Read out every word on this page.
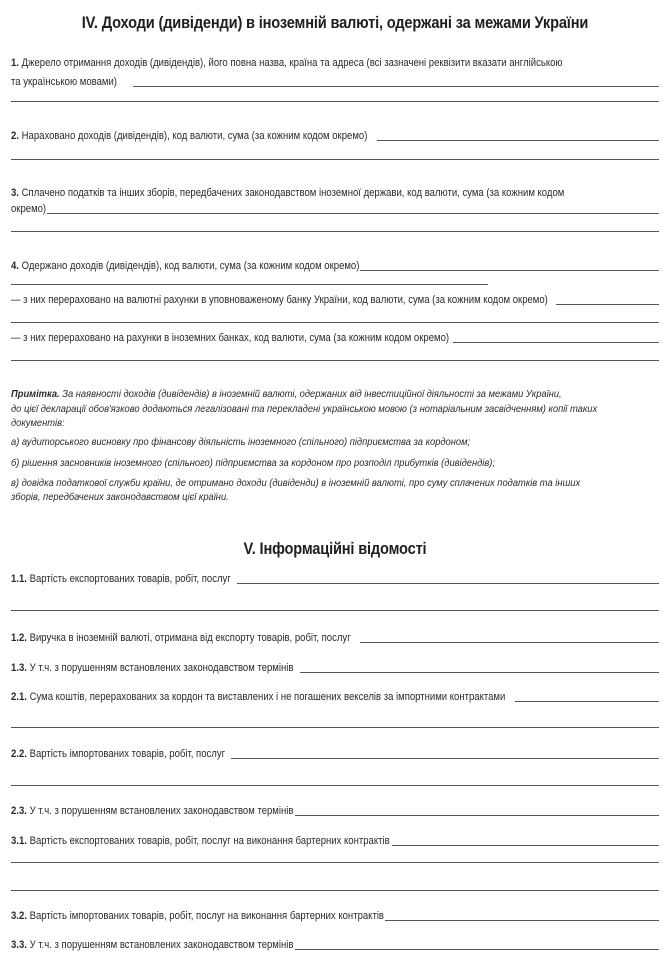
IV. Доходи (дивіденди) в іноземній валюті, одержані за межами України
1. Джерело отримання доходів (дивідендів), його повна назва, країна та адреса (всі зазначені реквізити вказати англійською
та українською мовами)
2. Нараховано доходів (дивідендів), код валюти, сума (за кожним кодом окремо)
3. Сплачено податків та інших зборів, передбачених законодавством іноземної держави, код валюти, сума (за кожним кодом
окремо)
4. Одержано доходів (дивідендів), код валюти, сума (за кожним кодом окремо)
— з них перераховано на валютні рахунки в уповноваженому банку України, код валюти, сума (за кожним кодом окремо)
— з них перераховано на рахунки в іноземних банках, код валюти, сума (за кожним кодом окремо)
Примітка. За наявності доходів (дивідендів) в іноземній валюті, одержаних від інвестиційної діяльності за межами України,
до цієї декларації обов'язково додаються легалізовані та перекладені українською мовою (з нотаріальним засвідченням) копії таких
документів:
а) аудиторського висновку про фінансову діяльність іноземного (спільного) підприємства за кордоном;
б) рішення засновників іноземного (спільного) підприємства за кордоном про розподіл прибутків (дивідендів);
в) довідка податкової служби країни, де отримано доходи (дивіденди) в іноземній валюті, про суму сплачених податків та інших
зборів, передбачених законодавством цієї країни.
V. Інформаційні відомості
1.1. Вартість експортованих товарів, робіт, послуг
1.2. Виручка в іноземній валюті, отримана від експорту товарів, робіт, послуг
1.3. У т.ч. з порушенням встановлених законодавством термінів
2.1. Сума коштів, перерахованих за кордон та виставлених і не погашених векселів за імпортними контрактами
2.2. Вартість імпортованих товарів, робіт, послуг
2.3. У т.ч. з порушенням встановлених законодавством термінів
3.1. Вартість експортованих товарів, робіт, послуг на виконання бартерних контрактів
3.2. Вартість імпортованих товарів, робіт, послуг на виконання бартерних контрактів
3.3. У т.ч. з порушенням встановлених законодавством термінів
